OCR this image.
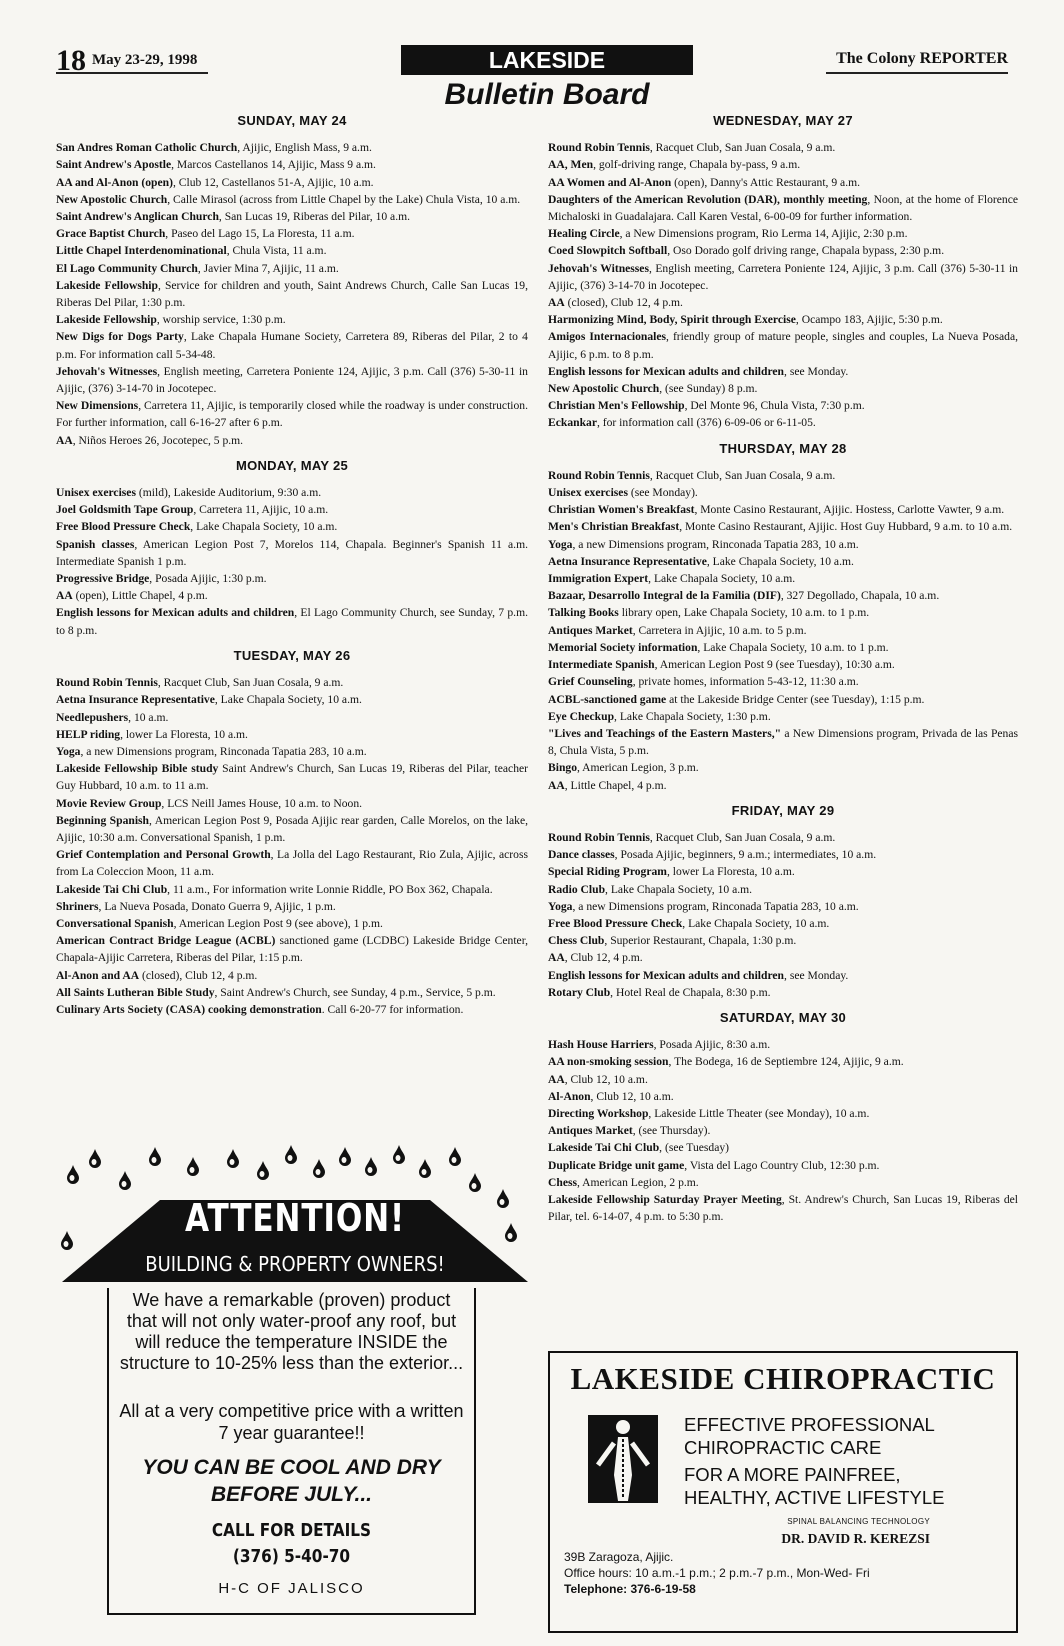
18 May 23-29, 1998	LAKESIDE
Bulletin Board
The Colony REPORTER
SUNDAY, MAY 24

San Andres Roman Catholic Church, Ajijic, English Mass, 9 a.m.

Saint Andrew's Apostle, Marcos Castellanos 14, Ajijic, Mass 9 a.m.

AA and Al-Anon (open), Club 12, Castellanos 51-A, Ajijic, 10 a.m.

New Apostolic Church, Calle Mirasol (across from Little Chapel by the Lake) Chula Vista, 10 a.m.

Saint Andrew's Anglican Church, San Lucas 19, Riberas del Pilar, 10 a.m.

Grace Baptist Church, Paseo del Lago 15, La Floresta, 11 a.m.

Little Chapel Interdenominational, Chula Vista, 11 a.m.

El Lago Community Church, Javier Mina 7, Ajijic, 11 a.m.

Lakeside Fellowship, Service for children and youth, Saint Andrews Church, Calle San Lucas 19, Riberas Del Pilar, 1:30 p.m.

Lakeside Fellowship, worship service, 1:30 p.m.

New Digs for Dogs Party, Lake Chapala Humane Society, Carretera 89, Riberas del Pilar, 2 to 4 p.m. For information call 5-34-48.

Jehovah's Witnesses, English meeting, Carretera Poniente 124, Ajijic, 3 p.m. Call (376) 5-30-11 in Ajijic, (376) 3-14-70 in Jocotepec.

New Dimensions, Carretera 11, Ajijic, is temporarily closed while the roadway is under construction. For further information, call 6-16-27 after 6 p.m.

AA, Niños Heroes 26, Jocotepec, 5 p.m.

MONDAY, MAY 25

Unisex exercises (mild), Lakeside Auditorium, 9:30 a.m.

Joel Goldsmith Tape Group, Carretera 11, Ajijic, 10 a.m.

Free Blood Pressure Check, Lake Chapala Society, 10 a.m.

Spanish classes, American Legion Post 7, Morelos 114, Chapala. Beginner's Spanish 11 a.m. Intermediate Spanish 1 p.m.

Progressive Bridge, Posada Ajijic, 1:30 p.m.

AA (open), Little Chapel, 4 p.m.

English lessons for Mexican adults and children, El Lago Community Church, see Sunday, 7 p.m. to 8 p.m.

TUESDAY, MAY 26

Round Robin Tennis, Racquet Club, San Juan Cosala, 9 a.m.

Aetna Insurance Representative, Lake Chapala Society, 10 a.m.

Needlepushers, 10 a.m.

HELP riding, lower La Floresta, 10 a.m.

Yoga, a new Dimensions program, Rinconada Tapatia 283, 10 a.m.

Lakeside Fellowship Bible study Saint Andrew's Church, San Lucas 19, Riberas del Pilar, teacher Guy Hubbard, 10 a.m. to 11 a.m.

Movie Review Group, LCS Neill James House, 10 a.m. to Noon.

Beginning Spanish, American Legion Post 9, Posada Ajijic rear garden, Calle Morelos, on the lake, Ajijic, 10:30 a.m. Conversational Spanish, 1 p.m.

Grief Contemplation and Personal Growth, La Jolla del Lago Restaurant, Rio Zula, Ajijic, across from La Coleccion Moon, 11 a.m.

Lakeside Tai Chi Club, 11 a.m., For information write Lonnie Riddle, PO Box 362, Chapala.

Shriners, La Nueva Posada, Donato Guerra 9, Ajijic, 1 p.m.

Conversational Spanish, American Legion Post 9 (see above), 1 p.m.

American Contract Bridge League (ACBL) sanctioned game (LCDBC) Lakeside Bridge Center, Chapala-Ajijic Carretera, Riberas del Pilar, 1:15 p.m.

Al-Anon and AA (closed), Club 12, 4 p.m.

All Saints Lutheran Bible Study, Saint Andrew's Church, see Sunday, 4 p.m., Service, 5 p.m.

Culinary Arts Society (CASA) cooking demonstration. Call 6-20-77 for information.

WEDNESDAY, MAY 27

Round Robin Tennis, Racquet Club, San Juan Cosala, 9 a.m.

AA, Men, golf-driving range, Chapala by-pass, 9 a.m.

AA Women and Al-Anon (open), Danny's Attic Restaurant, 9 a.m.

Daughters of the American Revolution (DAR), monthly meeting, Noon, at the home of Florence Michaloski in Guadalajara. Call Karen Vestal, 6-00-09 for further information.

Healing Circle, a New Dimensions program, Rio Lerma 14, Ajijic, 2:30 p.m.

Coed Slowpitch Softball, Oso Dorado golf driving range, Chapala bypass, 2:30 p.m.

Jehovah's Witnesses, English meeting, Carretera Poniente 124, Ajijic, 3 p.m. Call (376) 5-30-11 in Ajijic, (376) 3-14-70 in Jocotepec.

AA (closed), Club 12, 4 p.m.

Harmonizing Mind, Body, Spirit through Exercise, Ocampo 183, Ajijic, 5:30 p.m.

Amigos Internacionales, friendly group of mature people, singles and couples, La Nueva Posada, Ajijic, 6 p.m. to 8 p.m.

English lessons for Mexican adults and children, see Monday.

New Apostolic Church, (see Sunday) 8 p.m.

Christian Men's Fellowship, Del Monte 96, Chula Vista, 7:30 p.m.

Eckankar, for information call (376) 6-09-06 or 6-11-05.

THURSDAY, MAY 28

Round Robin Tennis, Racquet Club, San Juan Cosala, 9 a.m.

Unisex exercises (see Monday).

Christian Women's Breakfast, Monte Casino Restaurant, Ajijic. Hostess, Carlotte Vawter, 9 a.m.

Men's Christian Breakfast, Monte Casino Restaurant, Ajijic. Host Guy Hubbard, 9 a.m. to 10 a.m.

Yoga, a new Dimensions program, Rinconada Tapatia 283, 10 a.m.

Aetna Insurance Representative, Lake Chapala Society, 10 a.m.

Immigration Expert, Lake Chapala Society, 10 a.m.

Bazaar, Desarrollo Integral de la Familia (DIF), 327 Degollado, Chapala, 10 a.m.

Talking Books library open, Lake Chapala Society, 10 a.m. to 1 p.m.

Antiques Market, Carretera in Ajijic, 10 a.m. to 5 p.m.

Memorial Society information, Lake Chapala Society, 10 a.m. to 1 p.m.

Intermediate Spanish, American Legion Post 9 (see Tuesday), 10:30 a.m.

Grief Counseling, private homes, information 5-43-12, 11:30 a.m.

ACBL-sanctioned game at the Lakeside Bridge Center (see Tuesday), 1:15 p.m.

Eye Checkup, Lake Chapala Society, 1:30 p.m.

"Lives and Teachings of the Eastern Masters," a New Dimensions program, Privada de las Penas 8, Chula Vista, 5 p.m.

Bingo, American Legion, 3 p.m.

AA, Little Chapel, 4 p.m.

FRIDAY, MAY 29

Round Robin Tennis, Racquet Club, San Juan Cosala, 9 a.m.

Dance classes, Posada Ajijic, beginners, 9 a.m.; intermediates, 10 a.m.

Special Riding Program, lower La Floresta, 10 a.m.

Radio Club, Lake Chapala Society, 10 a.m.

Yoga, a new Dimensions program, Rinconada Tapatia 283, 10 a.m.

Free Blood Pressure Check, Lake Chapala Society, 10 a.m.

Chess Club, Superior Restaurant, Chapala, 1:30 p.m.

AA, Club 12, 4 p.m.

English lessons for Mexican adults and children, see Monday.

Rotary Club, Hotel Real de Chapala, 8:30 p.m.

SATURDAY, MAY 30

Hash House Harriers, Posada Ajijic, 8:30 a.m.

AA non-smoking session, The Bodega, 16 de Septiembre 124, Ajijic, 9 a.m.

AA, Club 12, 10 a.m.

Al-Anon, Club 12, 10 a.m.

Directing Workshop, Lakeside Little Theater (see Monday), 10 a.m.

Antiques Market, (see Thursday).

Lakeside Tai Chi Club, (see Tuesday)

Duplicate Bridge unit game, Vista del Lago Country Club, 12:30 p.m.

Chess, American Legion, 2 p.m.

Lakeside Fellowship Saturday Prayer Meeting, St. Andrew's Church, San Lucas 19, Riberas del Pilar, tel. 6-14-07, 4 p.m. to 5:30 p.m.

ATTENTION!
BUILDING & PROPERTY OWNERS!
We have a remarkable (proven) product that will not only water-proof any roof, but will reduce the temperature INSIDE the structure to 10-25% less than the exterior...
All at a very competitive price with a written 7 year guarantee!!
YOU CAN BE COOL AND DRY BEFORE JULY...
CALL FOR DETAILS
(376) 5-40-70
H-C OF JALISCO
LAKESIDE CHIROPRACTIC
EFFECTIVE PROFESSIONAL
CHIROPRACTIC CARE
FOR A MORE PAINFREE,
HEALTHY, ACTIVE LIFESTYLE
SPINAL BALANCING TECHNOLOGY
DR. DAVID R. KEREZSI
39B Zaragoza, Ajijic.
Office hours: 10 a.m.-1 p.m.; 2 p.m.-7 p.m., Mon-Wed- Fri
Telephone: 376-6-19-58
